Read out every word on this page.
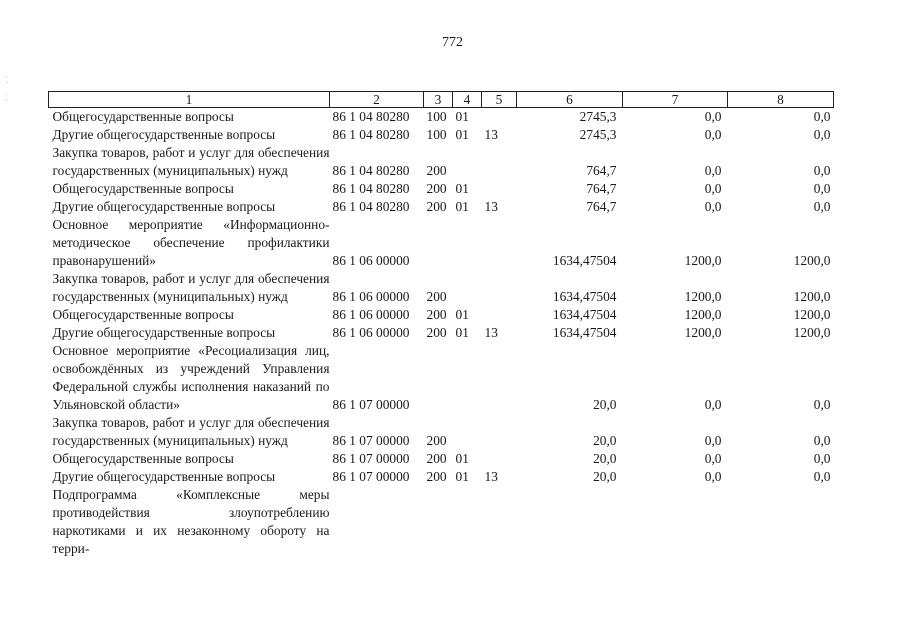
772
⁚
⁚	1	2	3	4	5	6	7	8
Общегосударственные вопросы	86 1 04 80280	100	01		2745,3	0,0	0,0
Другие общегосударственные вопросы	86 1 04 80280	100	01	13	2745,3	0,0	0,0
Закупка товаров, работ и услуг для обеспечения государственных (муниципальных) нужд	86 1 04 80280	200			764,7	0,0	0,0
Общегосударственные вопросы	86 1 04 80280	200	01		764,7	0,0	0,0
Другие общегосударственные вопросы	86 1 04 80280	200	01	13	764,7	0,0	0,0
Основное мероприятие «Информационно-методическое обеспечение профилактики правонарушений»	86 1 06 00000				1634,47504	1200,0	1200,0
Закупка товаров, работ и услуг для обеспечения государственных (муниципальных) нужд	86 1 06 00000	200			1634,47504	1200,0	1200,0
Общегосударственные вопросы	86 1 06 00000	200	01		1634,47504	1200,0	1200,0
Другие общегосударственные вопросы	86 1 06 00000	200	01	13	1634,47504	1200,0	1200,0
Основное мероприятие «Ресоциализация лиц, освобождённых из учреждений Управления Федеральной службы исполнения наказаний по Ульяновской области»	86 1 07 00000				20,0	0,0	0,0
Закупка товаров, работ и услуг для обеспечения государственных (муниципальных) нужд	86 1 07 00000	200			20,0	0,0	0,0
Общегосударственные вопросы	86 1 07 00000	200	01		20,0	0,0	0,0
Другие общегосударственные вопросы	86 1 07 00000	200	01	13	20,0	0,0	0,0
Подпрограмма «Комплексные меры противодействия злоупотреблению наркотиками и их незаконному обороту на терри-							
